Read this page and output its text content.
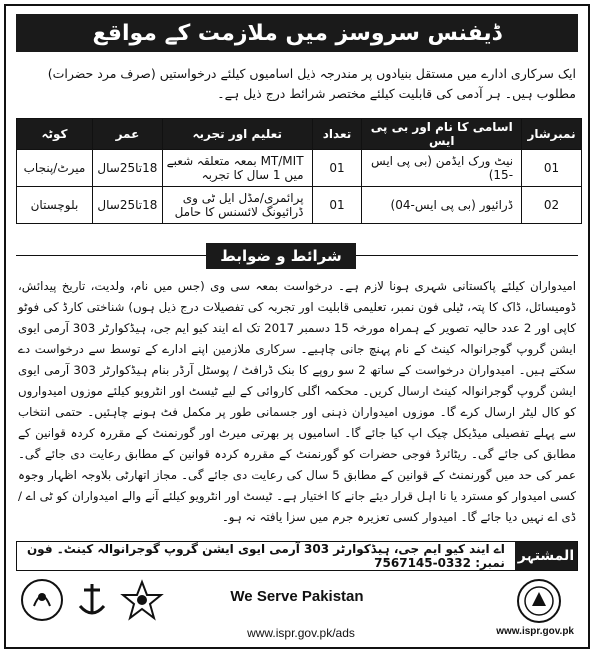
ڈیفنس سروسز میں ملازمت کے مواقع
ایک سرکاری ادارے میں مستقل بنیادوں پر مندرجہ ذیل اسامیوں کیلئے درخواستیں (صرف مرد حضرات) مطلوب ہیں۔ ہر آدمی کی قابلیت کیلئے مختصر شرائط درج ذیل ہے۔
نمبرشار	اسامی کا نام اور بی پی ایس	تعداد	تعلیم اور تجربہ	عمر	کوٹہ
01	نیٹ ورک ایڈمن (بی پی ایس -15)	01	MT/MIT بمعہ متعلقہ شعبے میں 1 سال کا تجربہ	18تا25سال	میرٹ/پنجاب
02	ڈرائیور (بی پی ایس-04)	01	پرائمری/مڈل ایل ٹی وی ڈرائیونگ لائسنس کا حامل	18تا25سال	بلوچستان
شرائط و ضوابط
امیدواران کیلئے پاکستانی شہری ہونا لازم ہے۔ درخواست بمعہ سی وی (جس میں نام، ولدیت، تاریخ پیدائش، ڈومیسائل، ڈاک کا پتہ، ٹیلی فون نمبر، تعلیمی قابلیت اور تجربہ کی تفصیلات درج ذیل ہوں) شناختی کارڈ کی فوٹو کاپی اور 2 عدد حالیہ تصویر کے ہمراہ مورخہ 15 دسمبر 2017 تک اے ایند کیو ایم جی، ہیڈکوارٹر 303 آرمی ایوی ایشن گروپ گوجرانوالہ کینٹ کے نام پہنچ جانی چاہیے۔ سرکاری ملازمین اپنے ادارے کے توسط سے درخواست دے سکتے ہیں۔ امیدواران درخواست کے ساتھ 2 سو روپے کا بنک ڈرافٹ / پوسٹل آرڈر بنام ہیڈکوارٹر 303 آرمی ایوی ایشن گروپ گوجرانوالہ کینٹ ارسال کریں۔ محکمہ اگلی کاروائی کے لیے ٹیسٹ اور انٹرویو کیلئے موزوں امیدواروں کو کال لیٹر ارسال کرے گا۔ موزوں امیدواران ذہنی اور جسمانی طور پر مکمل فٹ ہونے چاہئیں۔ حتمی انتخاب سے پہلے تفصیلی میڈیکل چیک اپ کیا جائے گا۔ اسامیوں پر بھرتی میرٹ اور گورنمنٹ کے مقررہ کردہ قوانین کے مطابق کی جائے گی۔ ریٹائرڈ فوجی حضرات کو گورنمنٹ کے مقررہ کردہ قوانین کے مطابق رعایت دی جائے گی۔ عمر کی حد میں گورنمنٹ کے قوانین کے مطابق 5 سال کی رعایت دی جائے گی۔ مجاز اتھارٹی بلاوجہ اظہار وجوہ کسی امیدوار کو مسترد یا نا اہل قرار دیئے جانے کا اختیار ہے۔ ٹیسٹ اور انٹرویو کیلئے آنے والے امیدواران کو ٹی اے / ڈی اے نہیں دیا جائے گا۔ امیدوار کسی تعزیرہ جرم میں سزا یافتہ نہ ہو۔
المشتہر
اے ایند کیو ایم جی، ہیڈکوارٹر 303 آرمی ایوی ایشن گروپ گوجرانوالہ کینٹ۔ فون نمبر: 0332-7567145
We Serve Pakistan
www.ispr.gov.pk/ads	www.ispr.gov.pk
